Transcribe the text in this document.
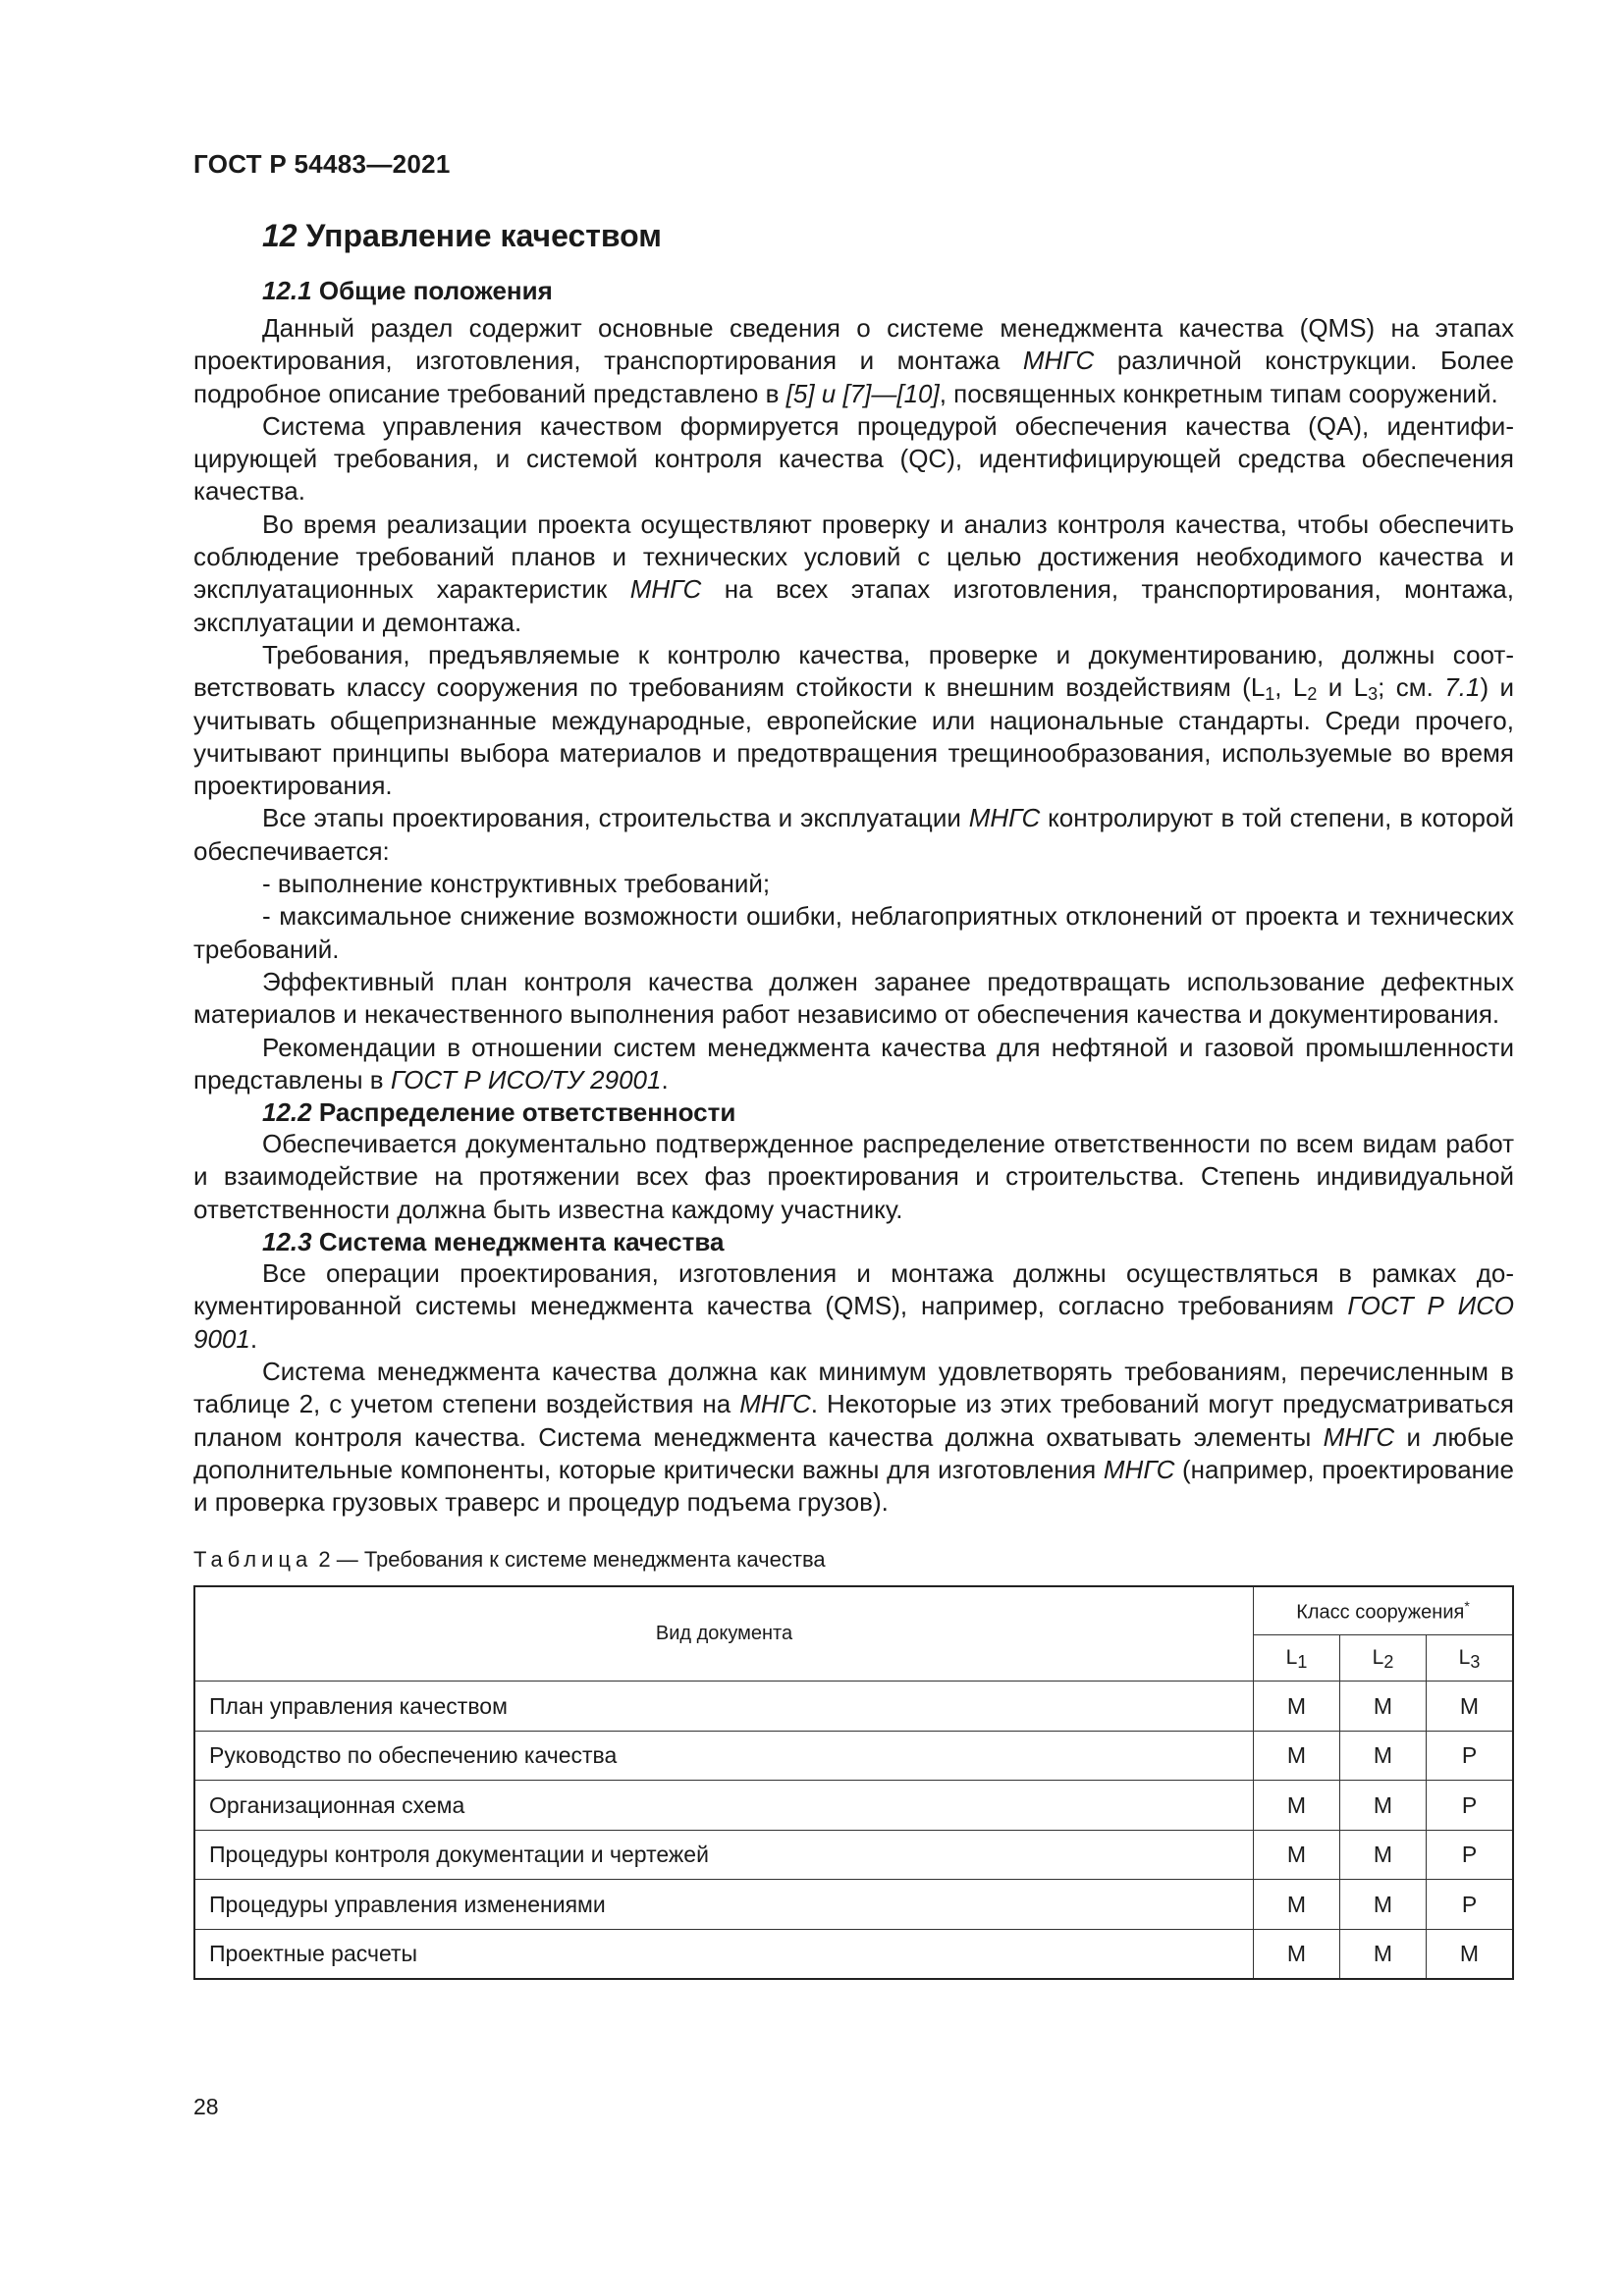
ГОСТ Р 54483—2021
12 Управление качеством
12.1 Общие положения

Данный раздел содержит основные сведения о системе менеджмента качества (QMS) на этапах проектирования, изготовления, транспортирования и монтажа МНГС различной конструкции. Более подробное описание требований представлено в [5] и [7]—[10], посвященных конкретным типам сооружений.

Система управления качеством формируется процедурой обеспечения качества (QA), идентифицирующей требования, и системой контроля качества (QC), идентифицирующей средства обеспечения качества.

Во время реализации проекта осуществляют проверку и анализ контроля качества, чтобы обеспечить соблюдение требований планов и технических условий с целью достижения необходимого качества и эксплуатационных характеристик МНГС на всех этапах изготовления, транспортирования, монтажа, эксплуатации и демонтажа.

Требования, предъявляемые к контролю качества, проверке и документированию, должны соответствовать классу сооружения по требованиям стойкости к внешним воздействиям ($L_1$, $L_2$ и $L_3$; см. 7.1) и учитывать общепризнанные международные, европейские или национальные стандарты. Среди прочего, учитывают принципы выбора материалов и предотвращения трещинообразования, используемые во время проектирования.

Все этапы проектирования, строительства и эксплуатации МНГС контролируют в той степени, в которой обеспечивается:

- выполнение конструктивных требований;

- максимальное снижение возможности ошибки, неблагоприятных отклонений от проекта и технических требований.

Эффективный план контроля качества должен заранее предотвращать использование дефектных материалов и некачественного выполнения работ независимо от обеспечения качества и документирования.

Рекомендации в отношении систем менеджмента качества для нефтяной и газовой промышленности представлены в ГОСТ Р ИСО/ТУ 29001.

12.2 Распределение ответственности

Обеспечивается документально подтвержденное распределение ответственности по всем видам работ и взаимодействие на протяжении всех фаз проектирования и строительства. Степень индивидуальной ответственности должна быть известна каждому участнику.

12.3 Система менеджмента качества

Все операции проектирования, изготовления и монтажа должны осуществляться в рамках документированной системы менеджмента качества (QMS), например, согласно требованиям ГОСТ Р ИСО 9001.

Система менеджмента качества должна как минимум удовлетворять требованиям, перечисленным в таблице 2, с учетом степени воздействия на МНГС. Некоторые из этих требований могут предусматриваться планом контроля качества. Система менеджмента качества должна охватывать элементы МНГС и любые дополнительные компоненты, которые критически важны для изготовления МНГС (например, проектирование и проверка грузовых траверс и процедур подъема грузов).

Таблица 2 — Требования к системе менеджмента качества
Вид документа	Класс сооружения*
	$L_1$	$L_2$	$L_3$
План управления качеством	М	М	М
Руководство по обеспечению качества	М	М	Р
Организационная схема	М	М	Р
Процедуры контроля документации и чертежей	М	М	Р
Процедуры управления изменениями	М	М	Р
Проектные расчеты	М	М	М
28
